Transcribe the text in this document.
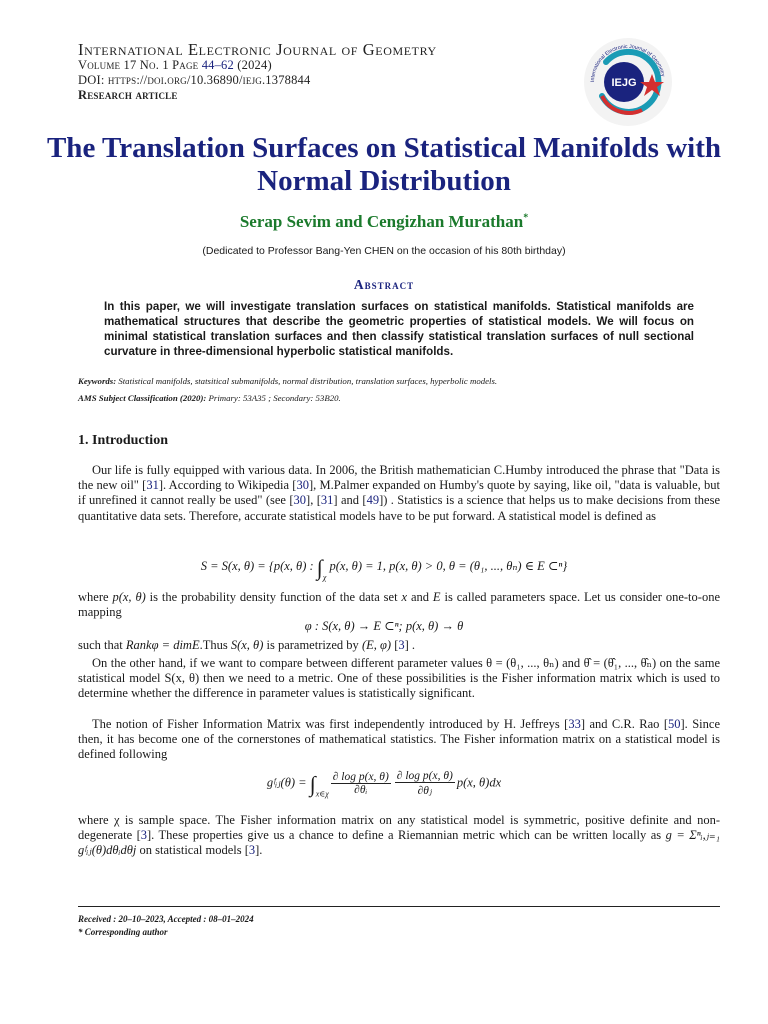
International Electronic Journal of Geometry
Volume 17 No. 1 Page 44–62 (2024)
DOI: https://doi.org/10.36890/iejg.1378844
Research article
IEJG
International Electronic Journal of Geometry
The Translation Surfaces on Statistical Manifolds with Normal Distribution
Serap Sevim and Cengizhan Murathan*
(Dedicated to Professor Bang-Yen CHEN on the occasion of his 80th birthday)
Abstract
In this paper, we will investigate translation surfaces on statistical manifolds. Statistical manifolds are mathematical structures that describe the geometric properties of statistical models. We will focus on minimal statistical translation surfaces and then classify statistical translation surfaces of null sectional curvature in three-dimensional hyperbolic statistical manifolds.
Keywords: Statistical manifolds, statsitical submanifolds, normal distribution, translation surfaces, hyperbolic models.
AMS Subject Classification (2020): Primary: 53A35 ; Secondary: 53B20.
1. Introduction
Our life is fully equipped with various data. In 2006, the British mathematician C.Humby introduced the phrase that "Data is the new oil" [31]. According to Wikipedia [30], M.Palmer expanded on Humby's quote by saying, like oil, "data is valuable, but if unrefined it cannot really be used" (see [30], [31] and [49]) . Statistics is a science that helps us to make decisions from these quantitative data sets. Therefore, accurate statistical models have to be put forward. A statistical model is defined as
S = S(x, θ) = {p(x, θ) : $\int_\chi$ p(x, θ) = 1, p(x, θ) > 0, θ = (θ₁, ..., θₙ) ∈ E ⊂ⁿ}
where p(x, θ) is the probability density function of the data set x and E is called parameters space. Let us consider one-to-one mapping
φ : S(x, θ) → E ⊂ⁿ; p(x, θ) → θ
such that Rankφ = dimE.Thus S(x, θ) is parametrized by (E, φ) [3] .
On the other hand, if we want to compare between different parameter values θ = (θ₁, ..., θₙ) and θ̂ = (θ̂₁, ..., θ̂ₙ) on the same statistical model S(x, θ) then we need to a metric. One of these possibilities is the Fisher information matrix which is used to determine whether the difference in parameter values is statistically significant.
The notion of Fisher Information Matrix was first independently introduced by H. Jeffreys [33] and C.R. Rao [50]. Since then, it has become one of the cornerstones of mathematical statistics. The Fisher information matrix on a statistical model is defined following
gᶠᵢⱼ(θ) = $\int_{x\in\chi} \frac{\text{∂ log p(x, θ)}}{\text{∂θᵢ}} \frac{\text{∂ log p(x, θ)}}{\text{∂θⱼ}} p(x$, θ)dx
where χ is sample space. The Fisher information matrix on any statistical model is symmetric, positive definite and non-degenerate [3]. These properties give us a chance to define a Riemannian metric which can be written locally as g = Σⁿᵢ,ⱼ₌₁ gᶠᵢⱼ(θ)dθᵢdθj on statistical models [3].
Received : 20–10–2023, Accepted : 08–01–2024
* Corresponding author
